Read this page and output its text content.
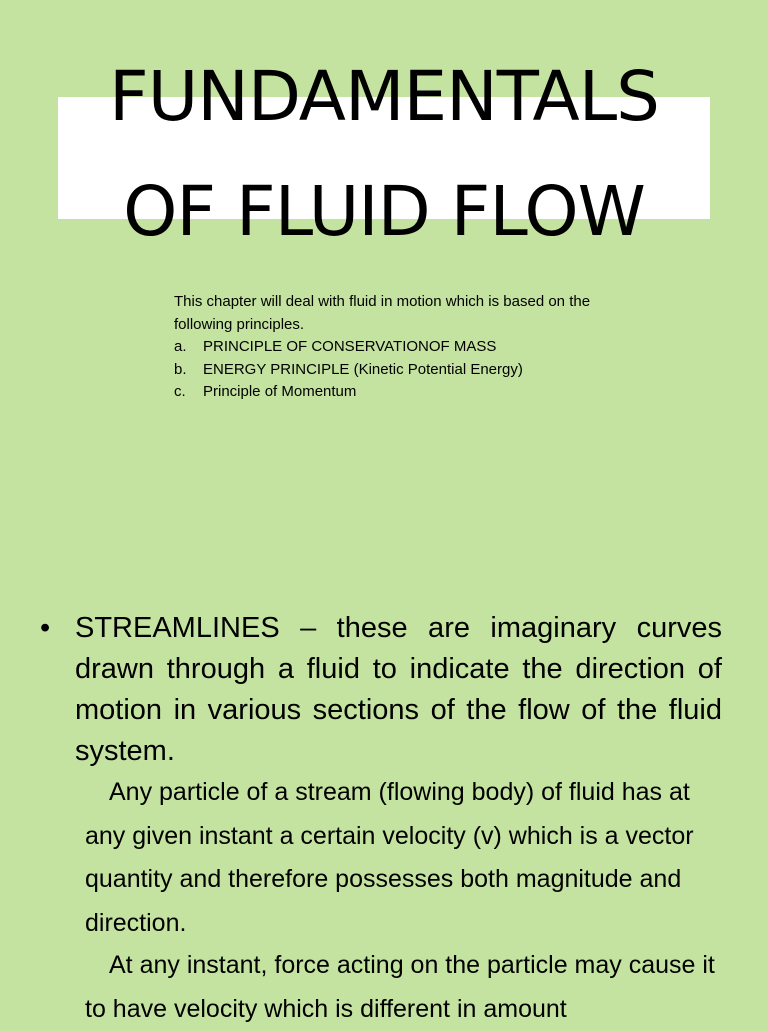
FUNDAMENTALS
OF FLUID FLOW

This chapter will deal with fluid in motion which is based on the following principles.

a.	PRINCIPLE OF CONSERVATIONOF MASS
b.	ENERGY PRINCIPLE (Kinetic Potential Energy)
c.	Principle of Momentum
• STREAMLINES – these are imaginary curves drawn through a fluid to indicate the direction of motion in various sections of the flow of the fluid system.
Any particle of a stream (flowing body) of fluid has at any given instant a certain velocity (v) which is a vector quantity and therefore possesses both magnitude and direction.
At any instant, force acting on the particle may cause it to have velocity which is different in amount
